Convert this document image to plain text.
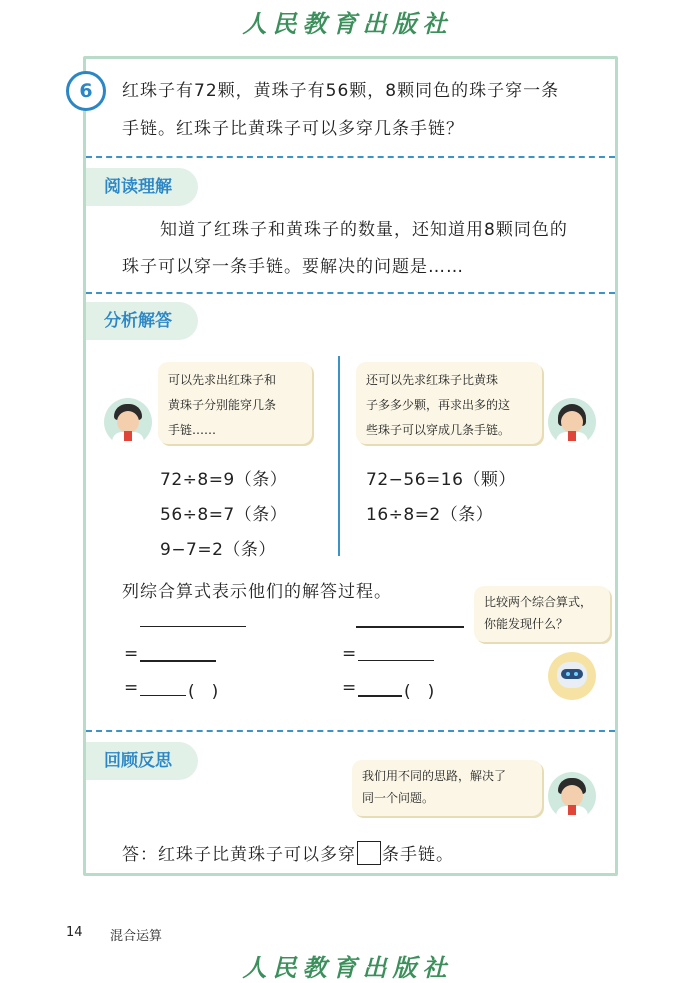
人民教育出版社
6	红珠子有72颗，黄珠子有56颗，8颗同色的珠子穿一条
手链。红珠子比黄珠子可以多穿几条手链？
阅读理解
知道了红珠子和黄珠子的数量，还知道用8颗同色的
珠子可以穿一条手链。要解决的问题是……
分析解答
可以先求出红珠子和
黄珠子分别能穿几条
手链……
还可以先求红珠子比黄珠
子多多少颗，再求出多的这
些珠子可以穿成几条手链。
72÷8=9（条）
56÷8=7（条）
9−7=2（条）
72−56=16（颗）
16÷8=2（条）
列综合算式表示他们的解答过程。	比较两个综合算式，
你能发现什么？
=
=	(　)
=
=	(　)
回顾反思
我们用不同的思路，解决了
同一个问题。
答：红珠子比黄珠子可以多穿 条手链。
14 混合运算
人民教育出版社
